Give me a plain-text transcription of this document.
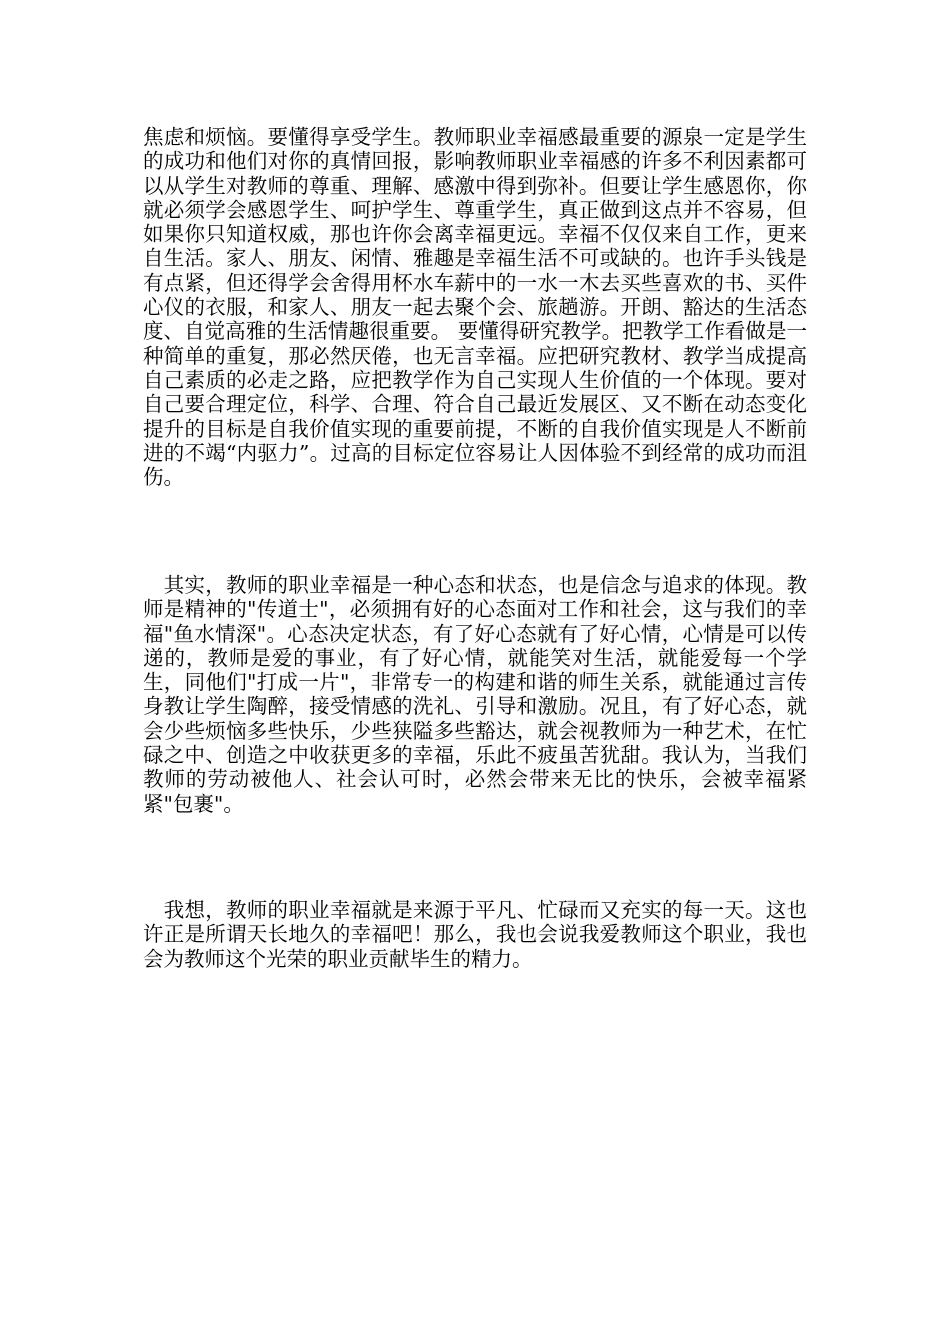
焦虑和烦恼。要懂得享受学生。教师职业幸福感最重要的源泉一定是学生的成功和他们对你的真情回报，影响教师职业幸福感的许多不利因素都可以从学生对教师的尊重、理解、感激中得到弥补。但要让学生感恩你，你就必须学会感恩学生、呵护学生、尊重学生，真正做到这点并不容易，但如果你只知道权威，那也许你会离幸福更远。幸福不仅仅来自工作，更来自生活。家人、朋友、闲情、雅趣是幸福生活不可或缺的。也许手头钱是有点紧，但还得学会舍得用杯水车薪中的一水一木去买些喜欢的书、买件心仪的衣服，和家人、朋友一起去聚个会、旅趟游。开朗、豁达的生活态度、自觉高雅的生活情趣很重要。 要懂得研究教学。把教学工作看做是一种简单的重复，那必然厌倦，也无言幸福。应把研究教材、教学当成提高自己素质的必走之路，应把教学作为自己实现人生价值的一个体现。要对自己要合理定位，科学、合理、符合自己最近发展区、又不断在动态变化提升的目标是自我价值实现的重要前提，不断的自我价值实现是人不断前进的不竭“内驱力”。过高的目标定位容易让人因体验不到经常的成功而沮伤。

　其实，教师的职业幸福是一种心态和状态，也是信念与追求的体现。教师是精神的"传道士"，必须拥有好的心态面对工作和社会，这与我们的幸福"鱼水情深"。心态决定状态，有了好心态就有了好心情，心情是可以传递的，教师是爱的事业，有了好心情，就能笑对生活，就能爱每一个学生，同他们"打成一片"，非常专一的构建和谐的师生关系，就能通过言传身教让学生陶醉，接受情感的洗礼、引导和激励。况且，有了好心态，就会少些烦恼多些快乐，少些狭隘多些豁达，就会视教师为一种艺术，在忙碌之中、创造之中收获更多的幸福，乐此不疲虽苦犹甜。我认为，当我们教师的劳动被他人、社会认可时，必然会带来无比的快乐，会被幸福紧紧"包裹"。

　我想，教师的职业幸福就是来源于平凡、忙碌而又充实的每一天。这也许正是所谓天长地久的幸福吧！那么，我也会说我爱教师这个职业，我也会为教师这个光荣的职业贡献毕生的精力。
